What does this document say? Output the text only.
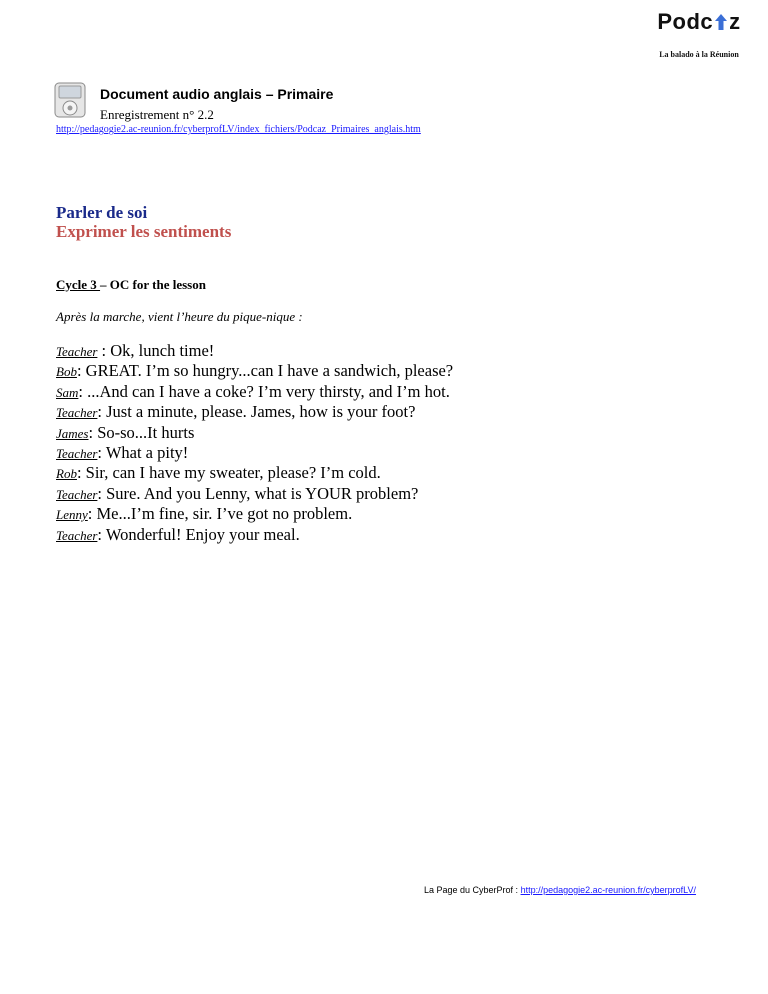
Podc z
La balado à la Réunion
Document audio anglais – Primaire
Enregistrement n° 2.2
http://pedagogie2.ac-reunion.fr/cyberprofLV/index_fichiers/Podcaz_Primaires_anglais.htm
Parler de soi
Exprimer les sentiments
Cycle 3 – OC for the lesson
Après la marche, vient l’heure du pique-nique :
Teacher : Ok, lunch time!
Bob: GREAT. I’m so hungry...can I have a sandwich, please?
Sam: ...And can I have a coke? I’m very thirsty, and I’m hot.
Teacher: Just a minute, please. James, how is your foot?
James: So-so...It hurts
Teacher: What a pity!
Rob: Sir, can I have my sweater, please? I’m cold.
Teacher: Sure. And you Lenny, what is YOUR problem?
Lenny: Me...I’m fine, sir. I’ve got no problem.
Teacher: Wonderful! Enjoy your meal.
La Page du CyberProf : http://pedagogie2.ac-reunion.fr/cyberprofLV/
